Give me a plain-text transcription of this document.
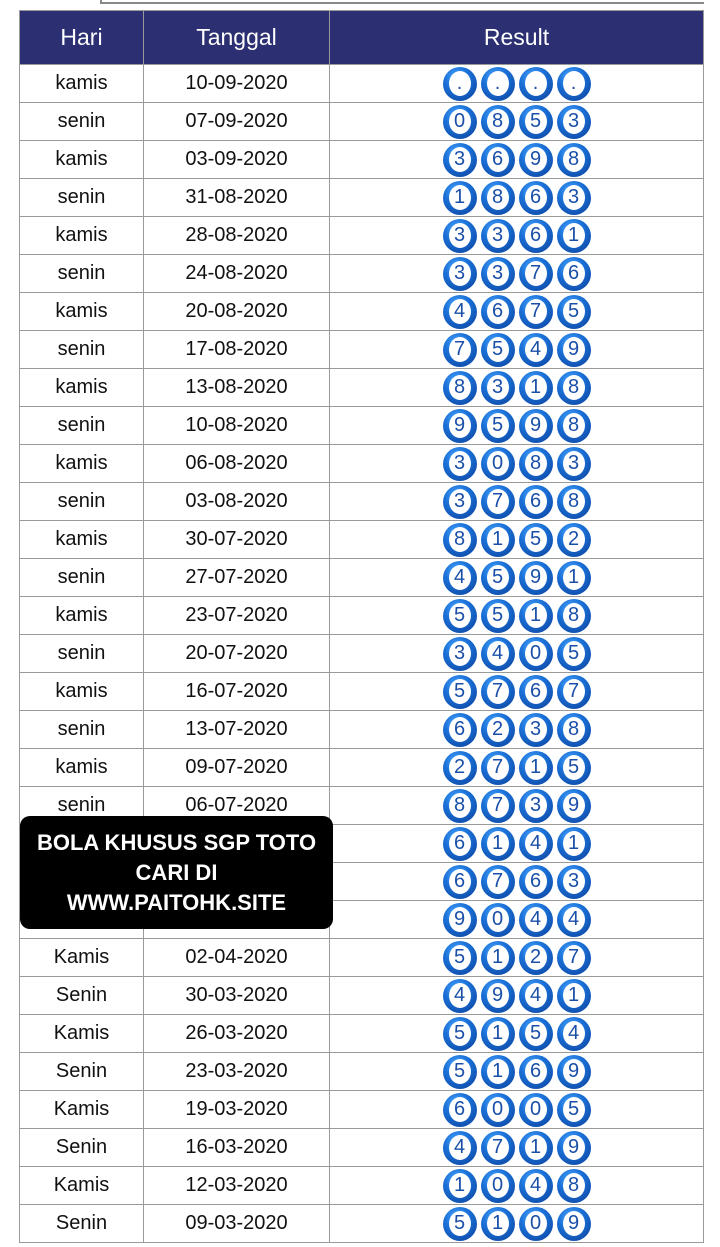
Hari	Tanggal	Result
kamis	10-09-2020	. . . .

senin	07-09-2020	0 8 5 3

kamis	03-09-2020	3 6 9 8

senin	31-08-2020	1 8 6 3

kamis	28-08-2020	3 3 6 1

senin	24-08-2020	3 3 7 6

kamis	20-08-2020	4 6 7 5

senin	17-08-2020	7 5 4 9

kamis	13-08-2020	8 3 1 8

senin	10-08-2020	9 5 9 8

kamis	06-08-2020	3 0 8 3

senin	03-08-2020	3 7 6 8

kamis	30-07-2020	8 1 5 2

senin	27-07-2020	4 5 9 1

kamis	23-07-2020	5 5 1 8

senin	20-07-2020	3 4 0 5

kamis	16-07-2020	5 7 6 7

senin	13-07-2020	6 2 3 8

kamis	09-07-2020	2 7 1 5

senin	06-07-2020	8 7 3 9

		6 1 4 1

		6 7 6 3

		9 0 4 4

Kamis	02-04-2020	5 1 2 7

Senin	30-03-2020	4 9 4 1

Kamis	26-03-2020	5 1 5 4

Senin	23-03-2020	5 1 6 9

Kamis	19-03-2020	6 0 0 5

Senin	16-03-2020	4 7 1 9

Kamis	12-03-2020	1 0 4 8

Senin	09-03-2020	5 1 0 9
BOLA KHUSUS SGP TOTO
CARI DI
WWW.PAITOHK.SITE
